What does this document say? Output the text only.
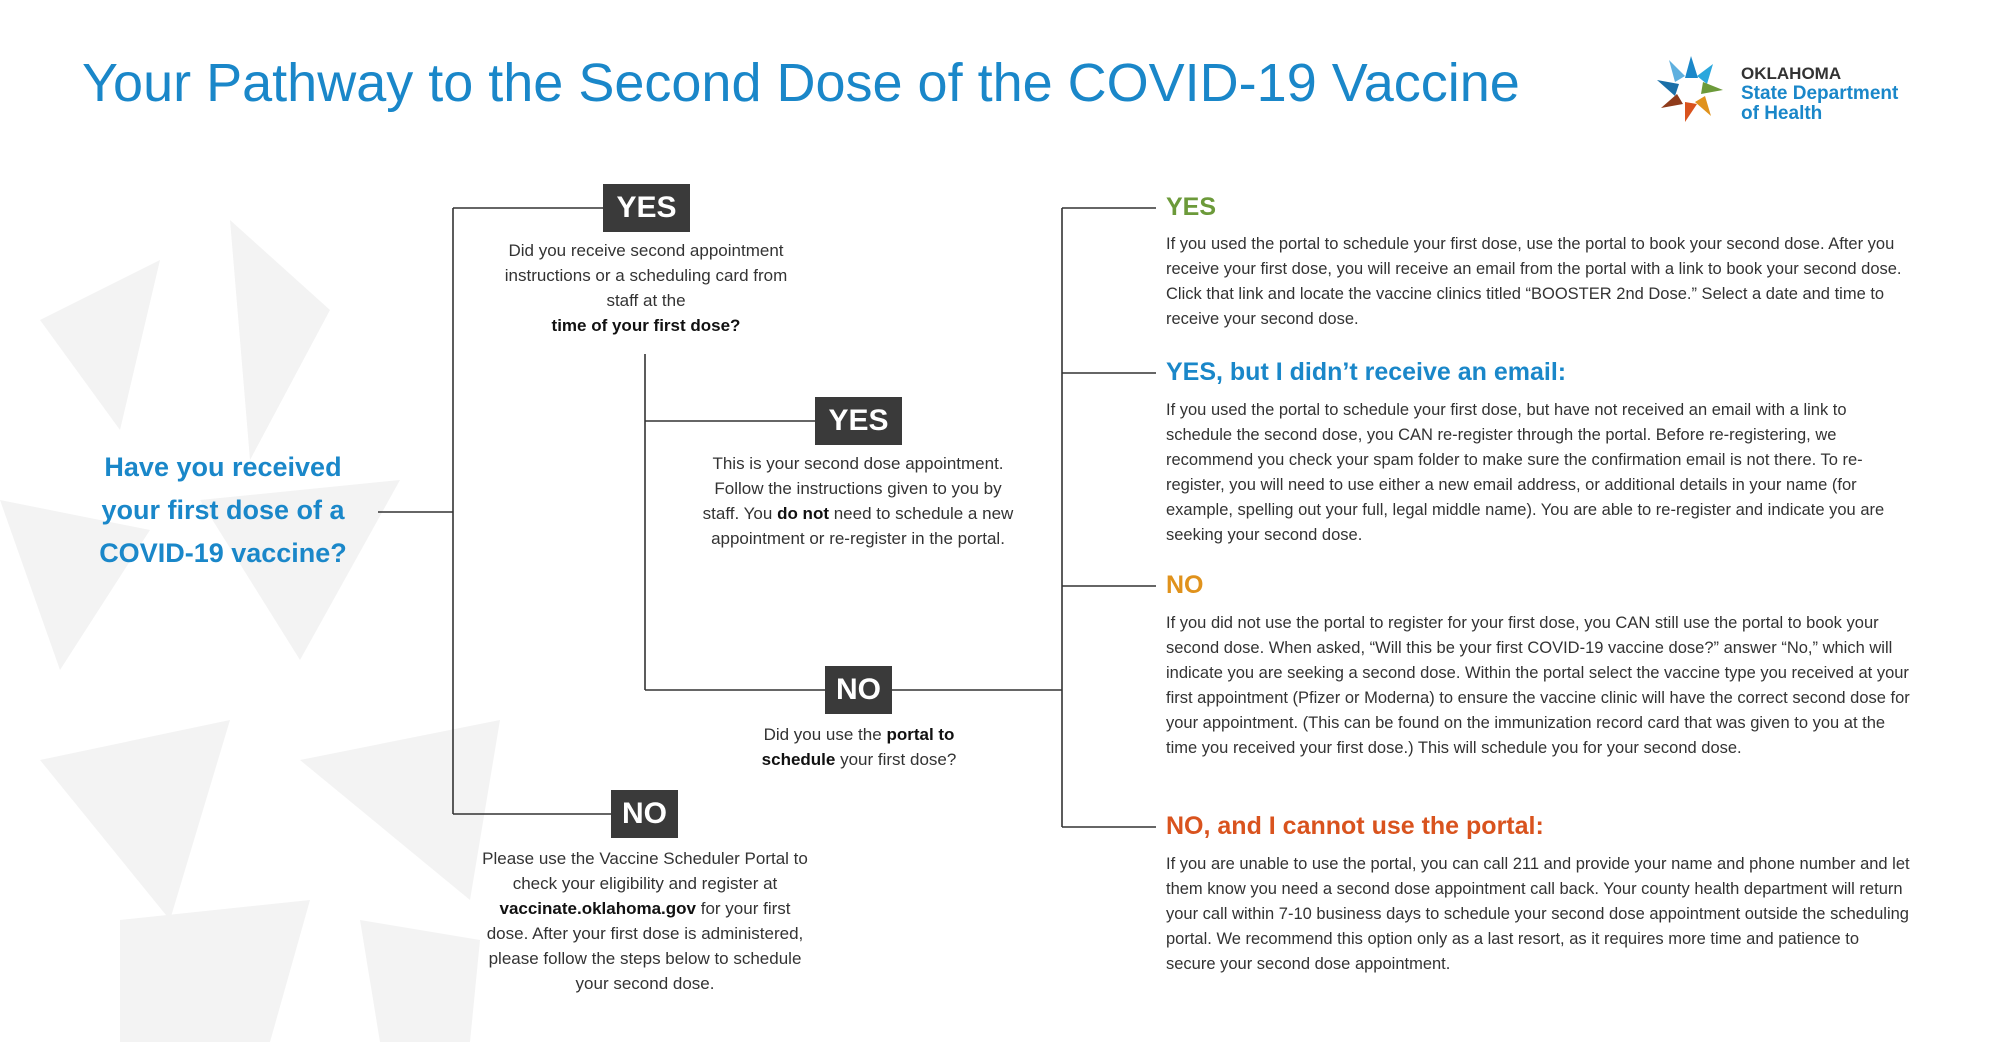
Your Pathway to the Second Dose of the COVID-19 Vaccine	OKLAHOMA
State Department
of Health
Have you received your first dose of a COVID-19 vaccine?
YES
Did you receive second appointment instructions or a scheduling card from staff at the
time of your first dose?
YES
This is your second dose appointment. Follow the instructions given to you by staff. You do not need to schedule a new appointment or re-register in the portal.
NO
Did you use the portal to schedule your first dose?
NO
Please use the Vaccine Scheduler Portal to check your eligibility and register at vaccinate.oklahoma.gov for your first dose. After your first dose is administered, please follow the steps below to schedule your second dose.
YES
If you used the portal to schedule your first dose, use the portal to book your second dose. After you receive your first dose, you will receive an email from the portal with a link to book your second dose. Click that link and locate the vaccine clinics titled “BOOSTER 2nd Dose.” Select a date and time to receive your second dose.
YES, but I didn’t receive an email:
If you used the portal to schedule your first dose, but have not received an email with a link to schedule the second dose, you CAN re-register through the portal. Before re-registering, we recommend you check your spam folder to make sure the confirmation email is not there. To re-register, you will need to use either a new email address, or additional details in your name (for example, spelling out your full, legal middle name). You are able to re-register and indicate you are seeking your second dose.
NO
If you did not use the portal to register for your first dose, you CAN still use the portal to book your second dose. When asked, “Will this be your first COVID-19 vaccine dose?” answer “No,” which will indicate you are seeking a second dose. Within the portal select the vaccine type you received at your first appointment (Pfizer or Moderna) to ensure the vaccine clinic will have the correct second dose for your appointment. (This can be found on the immunization record card that was given to you at the time you received your first dose.) This will schedule you for your second dose.
NO, and I cannot use the portal:
If you are unable to use the portal, you can call 211 and provide your name and phone number and let them know you need a second dose appointment call back. Your county health department will return your call within 7-10 business days to schedule your second dose appointment outside the scheduling portal. We recommend this option only as a last resort, as it requires more time and patience to secure your second dose appointment.
